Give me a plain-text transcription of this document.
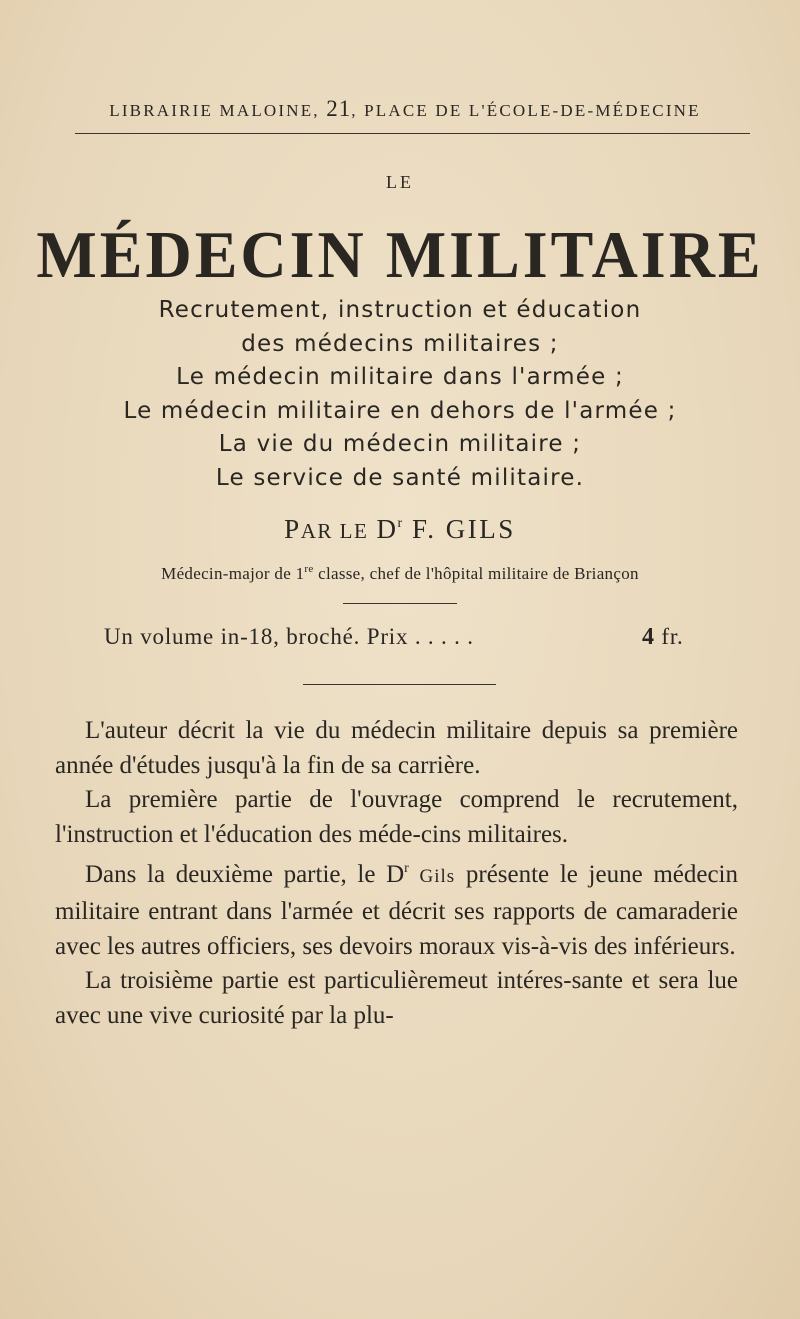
LIBRAIRIE MALOINE, 21, PLACE DE L'ÉCOLE-DE-MÉDECINE
LE
MÉDECIN MILITAIRE
Recrutement, instruction et éducation
des médecins militaires ;
Le médecin militaire dans l'armée ;
Le médecin militaire en dehors de l'armée ;
La vie du médecin militaire ;
Le service de santé militaire.
PAR LE $D^r$ F. GILS
Médecin-major de 1re classe, chef de l'hôpital militaire de Briançon
Un volume in-18, broché. Prix . . . . .	4 fr.

L'auteur décrit la vie du médecin militaire depuis sa première année d'études jusqu'à la fin de sa carrière.

La première partie de l'ouvrage comprend le recrutement, l'instruction et l'éducation des méde-cins militaires.

Dans la deuxième partie, le $D^r$ Gils présente le jeune médecin militaire entrant dans l'armée et décrit ses rapports de camaraderie avec les autres officiers, ses devoirs moraux vis-à-vis des inférieurs.

La troisième partie est particulièremeut intéres-sante et sera lue avec une vive curiosité par la plu-
